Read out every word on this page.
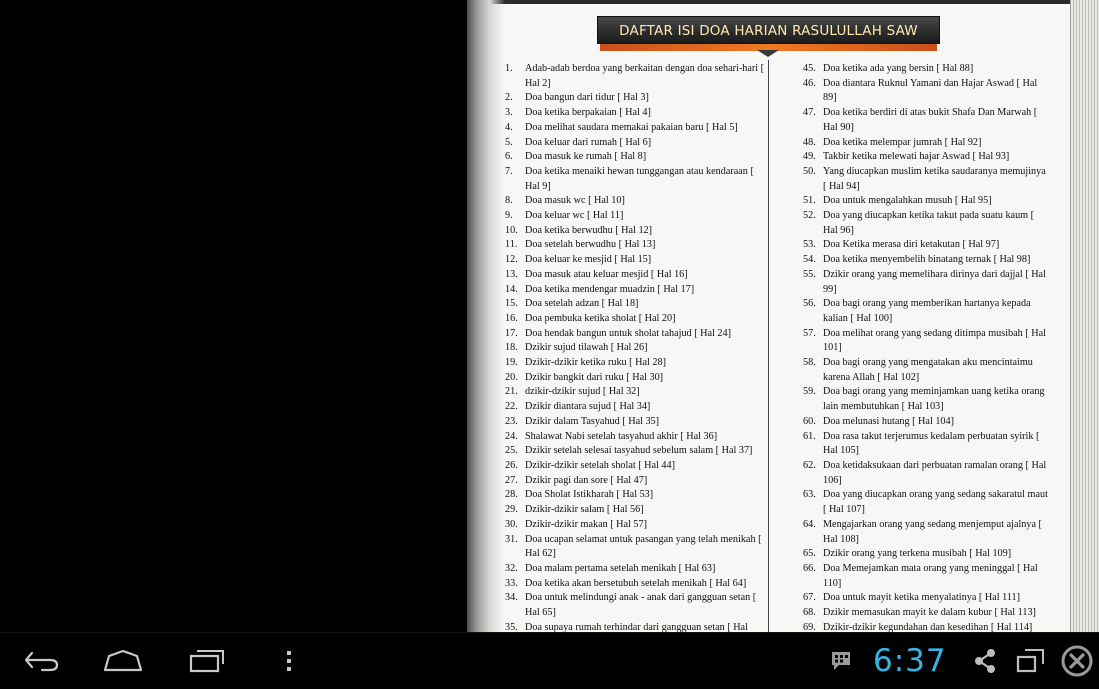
DAFTAR ISI DOA HARIAN RASULULLAH SAW
1.	Adab-adab berdoa yang berkaitan dengan doa sehari-hari [ Hal 2]
2.	Doa bangun dari tidur [ Hal 3]
3.	Doa ketika berpakaian [ Hal 4]
4.	Doa melihat saudara memakai pakaian baru [ Hal 5]
5.	Doa keluar dari rumah [ Hal 6]
6.	Doa masuk ke rumah [ Hal 8]
7.	Doa ketika menaiki hewan tunggangan atau kendaraan [ Hal 9]
8.	Doa masuk wc [ Hal 10]
9.	Doa keluar wc [ Hal 11]
10. Doa ketika berwudhu [ Hal 12]
11. Doa setelah berwudhu [ Hal 13]
12. Doa keluar ke mesjid [ Hal 15]
13. Doa masuk atau keluar mesjid [ Hal 16]
14. Doa ketika mendengar muadzin [ Hal 17]
15. Doa setelah adzan [ Hal 18]
16. Doa pembuka ketika sholat [ Hal 20]
17. Doa hendak bangun untuk sholat tahajud [ Hal 24]
18. Dzikir sujud tilawah [ Hal 26]
19. Dzikir-dzikir ketika ruku [ Hal 28]
20. Dzikir bangkit dari ruku [ Hal 30]
21. dzikir-dzikir sujud [ Hal 32]
22. Dzikir diantara sujud [ Hal 34]
23. Dzikir dalam Tasyahud [ Hal 35]
24. Shalawat Nabi setelah tasyahud akhir [ Hal 36]
25. Dzikir setelah selesai tasyahud sebelum salam [ Hal 37]
26. Dzikir-dzikir setelah sholat [ Hal 44]
27. Dzikir pagi dan sore [ Hal 47]
28. Doa Sholat Istikharah [ Hal 53]
29. Dzikir-dzikir salam [ Hal 56]
30. Dzikir-dzikir makan [ Hal 57]
31. Doa ucapan selamat untuk pasangan yang telah menikah [ Hal 62]
32. Doa malam pertama setelah menikah [ Hal 63]
33. Doa ketika akan bersetubuh setelah menikah [ Hal 64]
34. Doa untuk melindungi anak - anak dari gangguan setan [ Hal 65]
35. Doa supaya rumah terhindar dari gangguan setan [ Hal
45. Doa ketika ada yang bersin [ Hal 88]
46. Doa diantara Ruknul Yamani dan Hajar Aswad [ Hal 89]
47. Doa ketika berdiri di atas bukit Shafa Dan Marwah [ Hal 90]
48. Doa ketika melempar jumrah [ Hal 92]
49. Takbir ketika melewati hajar Aswad [ Hal 93]
50. Yang diucapkan muslim ketika saudaranya memujinya [ Hal 94]
51. Doa untuk mengalahkan musuh [ Hal 95]
52. Doa yang diucapkan ketika takut pada suatu kaum [ Hal 96]
53. Doa Ketika merasa diri ketakutan [ Hal 97]
54. Doa ketika menyembelih binatang ternak [ Hal 98]
55. Dzikir orang yang memelihara dirinya dari dajjal [ Hal 99]
56. Doa bagi orang yang memberikan hartanya kepada kalian [ Hal 100]
57. Doa melihat orang yang sedang ditimpa musibah [ Hal 101]
58. Doa bagi orang yang mengatakan aku mencintaimu karena Allah [ Hal 102]
59. Doa bagi orang yang meminjamkan uang ketika orang lain membutuhkan [ Hal 103]
60. Doa melunasi hutang [ Hal 104]
61. Doa rasa takut terjerumus kedalam perbuatan syirik [ Hal 105]
62. Doa ketidaksukaan dari perbuatan ramalan orang [ Hal 106]
63. Doa yang diucapkan orang yang sedang sakaratul maut [ Hal 107]
64. Mengajarkan orang yang sedang menjemput ajalnya [ Hal 108]
65. Dzikir orang yang terkena musibah [ Hal 109]
66. Doa Memejamkan mata orang yang meninggal [ Hal 110]
67. Doa untuk mayit ketika menyalatinya [ Hal 111]
68. Dzikir memasukan mayit ke dalam kubur [ Hal 113]
69. Dzikir-dzikir kegundahan dan kesedihan [ Hal 114]
6:37
